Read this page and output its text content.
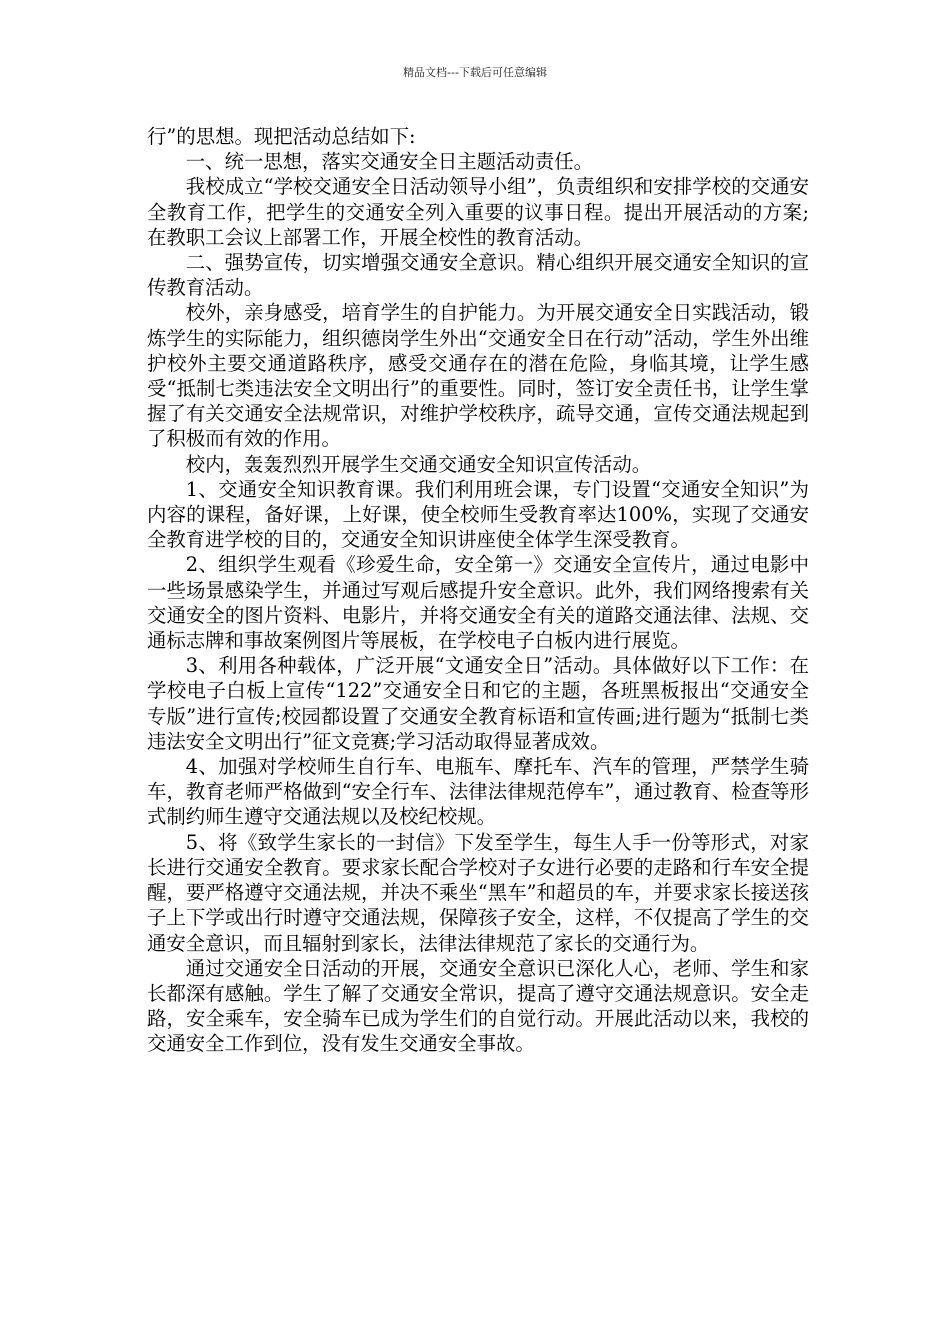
精品文档---下载后可任意编辑

行”的思想。现把活动总结如下:

一、统一思想，落实交通安全日主题活动责任。

我校成立“学校交通安全日活动领导小组”，负责组织和安排学校的交通安全教育工作，把学生的交通安全列入重要的议事日程。提出开展活动的方案;在教职工会议上部署工作，开展全校性的教育活动。

二、强势宣传，切实增强交通安全意识。精心组织开展交通安全知识的宣传教育活动。

校外，亲身感受，培育学生的自护能力。为开展交通安全日实践活动，锻炼学生的实际能力，组织德岗学生外出“交通安全日在行动”活动，学生外出维护校外主要交通道路秩序，感受交通存在的潜在危险，身临其境，让学生感受“抵制七类违法安全文明出行”的重要性。同时，签订安全责任书，让学生掌握了有关交通安全法规常识，对维护学校秩序，疏导交通，宣传交通法规起到了积极而有效的作用。

校内，轰轰烈烈开展学生交通交通安全知识宣传活动。

1、交通安全知识教育课。我们利用班会课，专门设置“交通安全知识”为内容的课程，备好课，上好课，使全校师生受教育率达100%，实现了交通安全教育进学校的目的，交通安全知识讲座使全体学生深受教育。

2、组织学生观看《珍爱生命，安全第一》交通安全宣传片，通过电影中一些场景感染学生，并通过写观后感提升安全意识。此外，我们网络搜索有关交通安全的图片资料、电影片，并将交通安全有关的道路交通法律、法规、交通标志牌和事故案例图片等展板，在学校电子白板内进行展览。

3、利用各种载体，广泛开展“文通安全日”活动。具体做好以下工作：在学校电子白板上宣传“122”交通安全日和它的主题，各班黑板报出“交通安全专版”进行宣传;校园都设置了交通安全教育标语和宣传画;进行题为“抵制七类违法安全文明出行”征文竞赛;学习活动取得显著成效。

4、加强对学校师生自行车、电瓶车、摩托车、汽车的管理，严禁学生骑车，教育老师严格做到“安全行车、法律法律规范停车”，通过教育、检查等形式制约师生遵守交通法规以及校纪校规。

5、将《致学生家长的一封信》下发至学生，每生人手一份等形式，对家长进行交通安全教育。要求家长配合学校对子女进行必要的走路和行车安全提醒，要严格遵守交通法规，并决不乘坐“黑车”和超员的车，并要求家长接送孩子上下学或出行时遵守交通法规，保障孩子安全，这样，不仅提高了学生的交通安全意识，而且辐射到家长，法律法律规范了家长的交通行为。

通过交通安全日活动的开展，交通安全意识已深化人心，老师、学生和家长都深有感触。学生了解了交通安全常识，提高了遵守交通法规意识。安全走路，安全乘车，安全骑车已成为学生们的自觉行动。开展此活动以来，我校的交通安全工作到位，没有发生交通安全事故。
